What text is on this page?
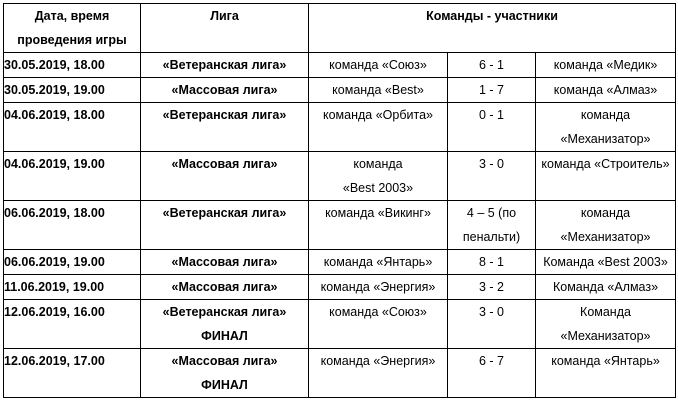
Дата, время
проведения игры	Лига	Команды - участники		
30.05.2019, 18.00	«Ветеранская лига»	команда «Союз»	6 - 1	команда «Медик»

30.05.2019, 19.00	«Массовая лига»	команда «Best»	1 - 7	команда «Алмаз»

04.06.2019, 18.00	«Ветеранская лига»	команда «Орбита»	0 - 1	команда
«Механизатор»

04.06.2019, 19.00	«Массовая лига»	команда
«Best 2003»	3 - 0	команда «Строитель»

06.06.2019, 18.00	«Ветеранская лига»	команда «Викинг»	4 – 5 (по
пенальти)	команда
«Механизатор»

06.06.2019, 19.00	«Массовая лига»	команда «Янтарь»	8 - 1	Команда «Best 2003»

11.06.2019, 19.00	«Массовая лига»	команда «Энергия»	3 - 2	Команда «Алмаз»

12.06.2019, 16.00	«Ветеранская лига»
ФИНАЛ	команда «Союз»	3 - 0	Команда
«Механизатор»

12.06.2019, 17.00	«Массовая лига»
ФИНАЛ	команда «Энергия»	6 - 7	команда «Янтарь»
